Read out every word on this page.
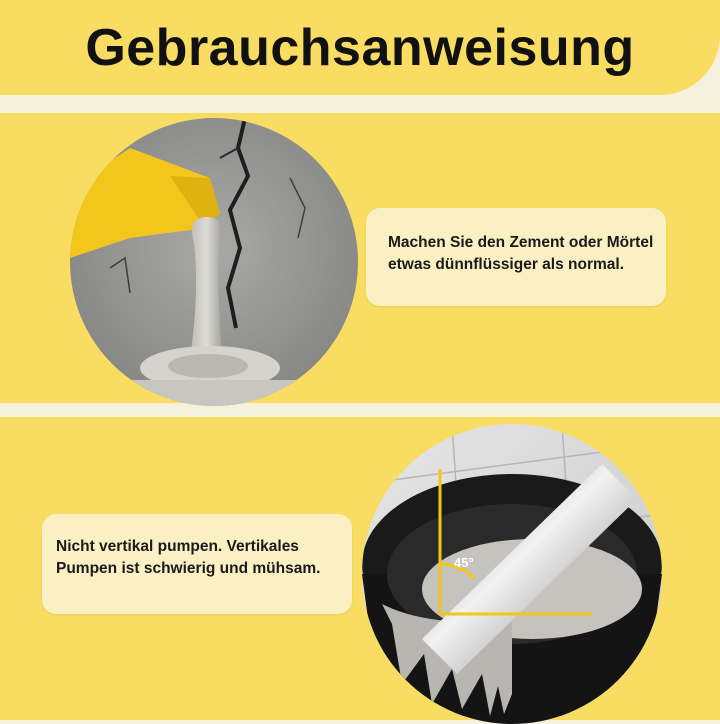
Gebrauchsanweisung
Machen Sie den Zement oder Mörtel etwas dünnflüssiger als normal.
45°
Nicht vertikal pumpen. Vertikales Pumpen ist schwierig und mühsam.
